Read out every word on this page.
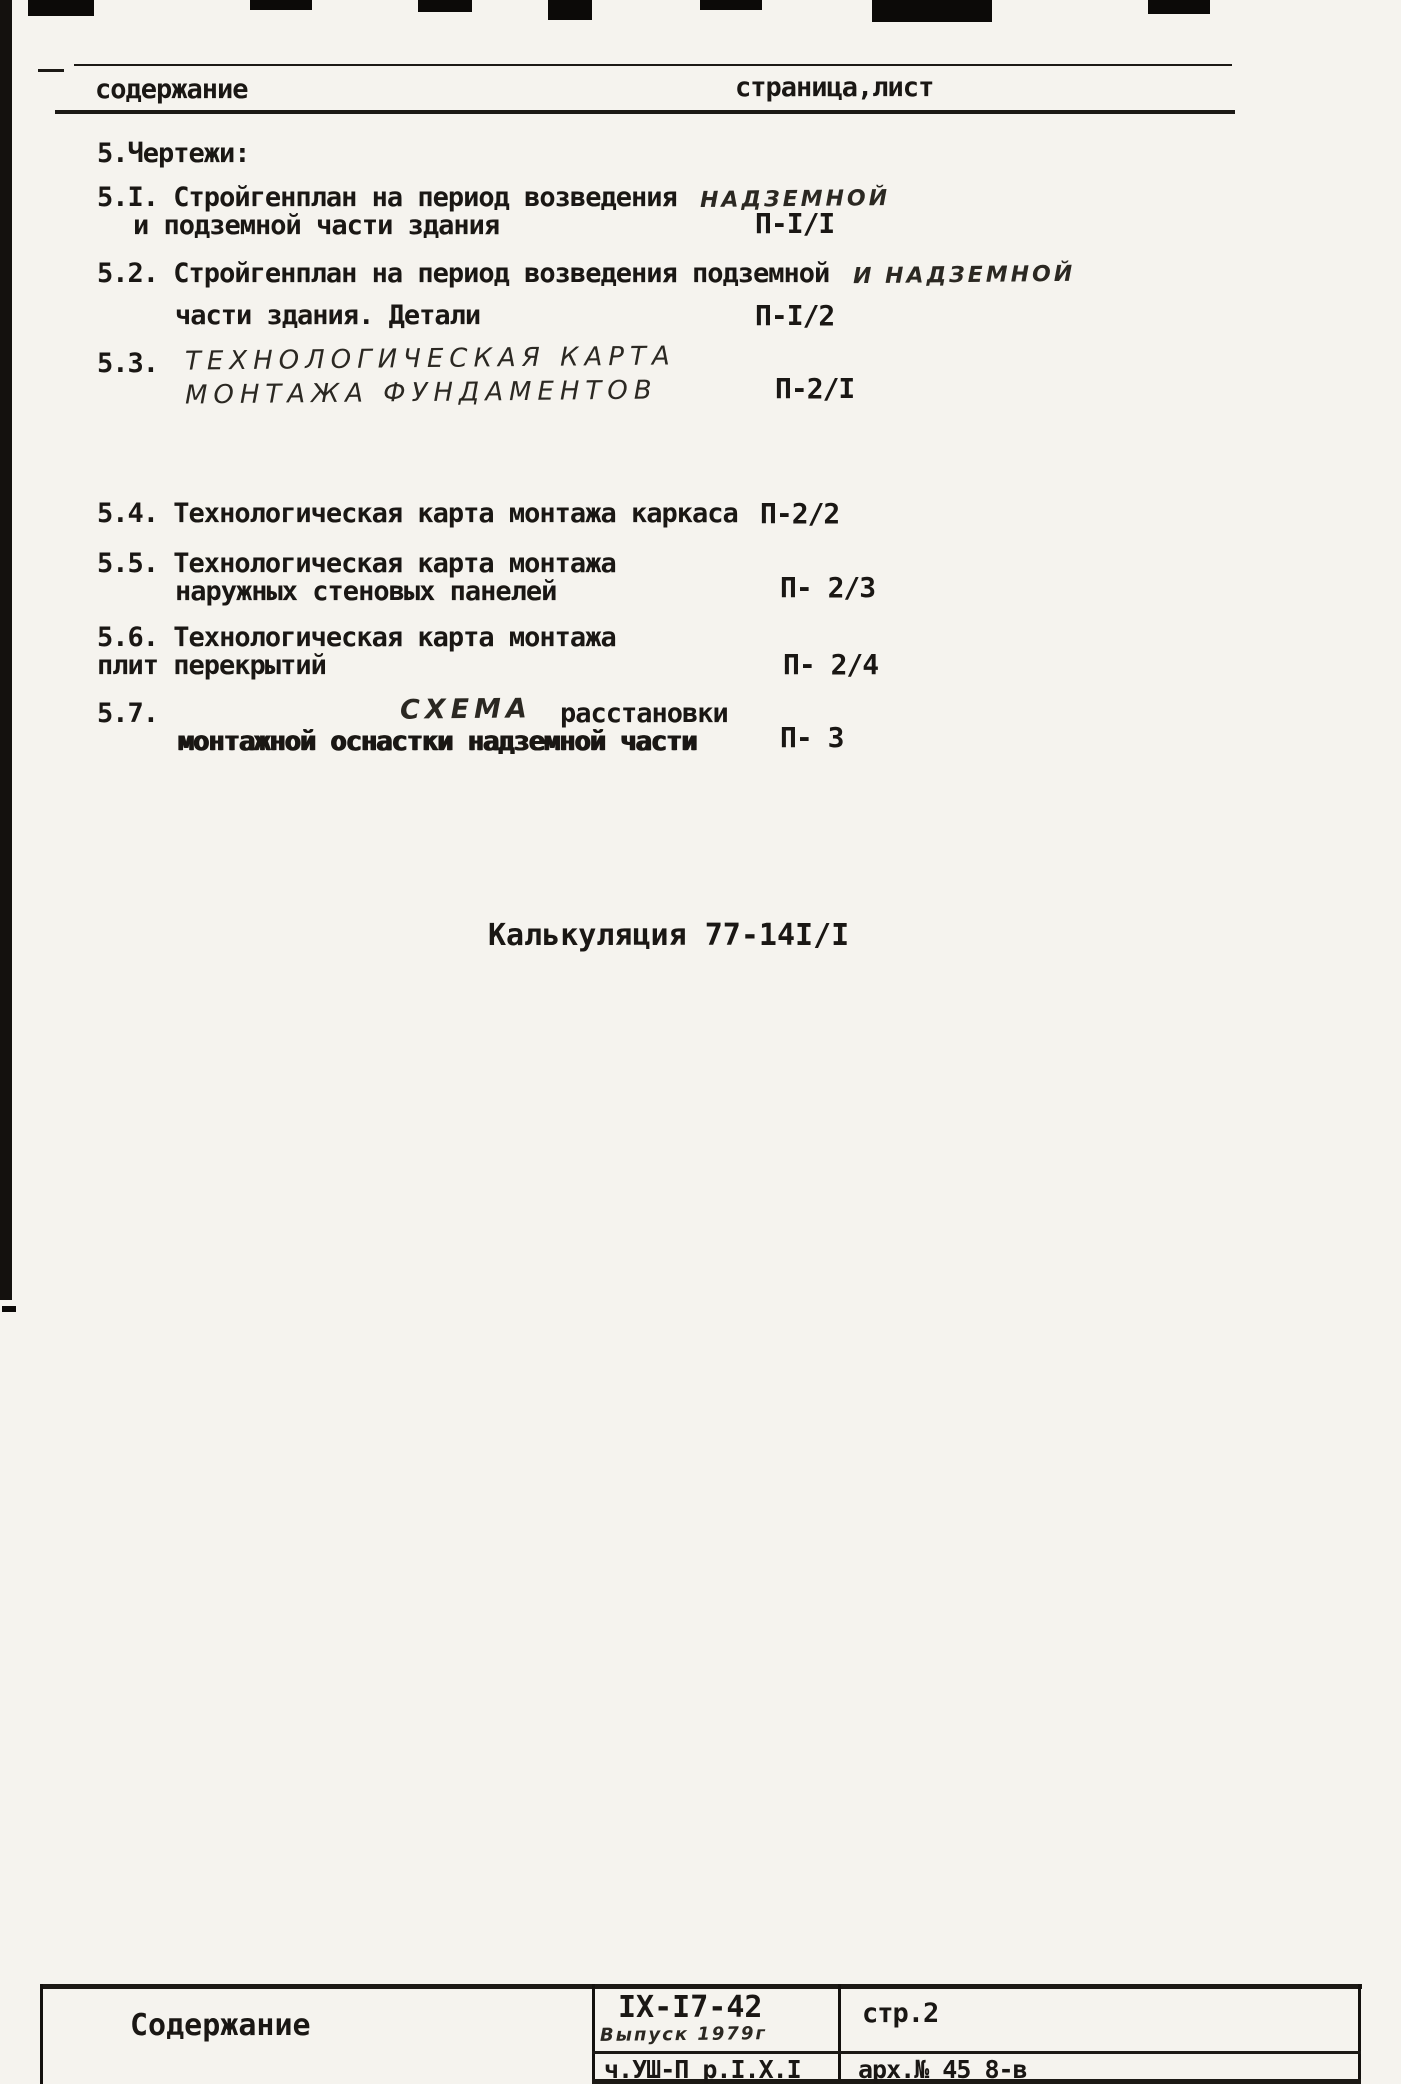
содержание	страница,лист
5.Чертежи:
5.I. Стройгенплан на период возведения НАДЗЕМНОЙ
и подземной части здания	П-I/I
5.2. Стройгенплан на период возведения подземной И НАДЗЕМНОЙ
части здания. Детали	П-I/2
5.3. ТЕХНОЛОГИЧЕСКАЯ КАРТА
МОНТАЖА ФУНДАМЕНТОВ	П-2/I
5.4. Технологическая карта монтажа каркаса П-2/2
5.5. Технологическая карта монтажа
наружных стеновых панелей	П- 2/3
5.6. Технологическая карта монтажа
плит перекрытий	П- 2/4
5.7.	СХЕМА расстановки
монтажной оснастки надземной части	П- 3
Калькуляция 77-14I/I
Содержание
IX-I7-42
Выпуск 1979г
стр.2
ч.УШ-П р.I.Х.I арх.№ 45 8-в
